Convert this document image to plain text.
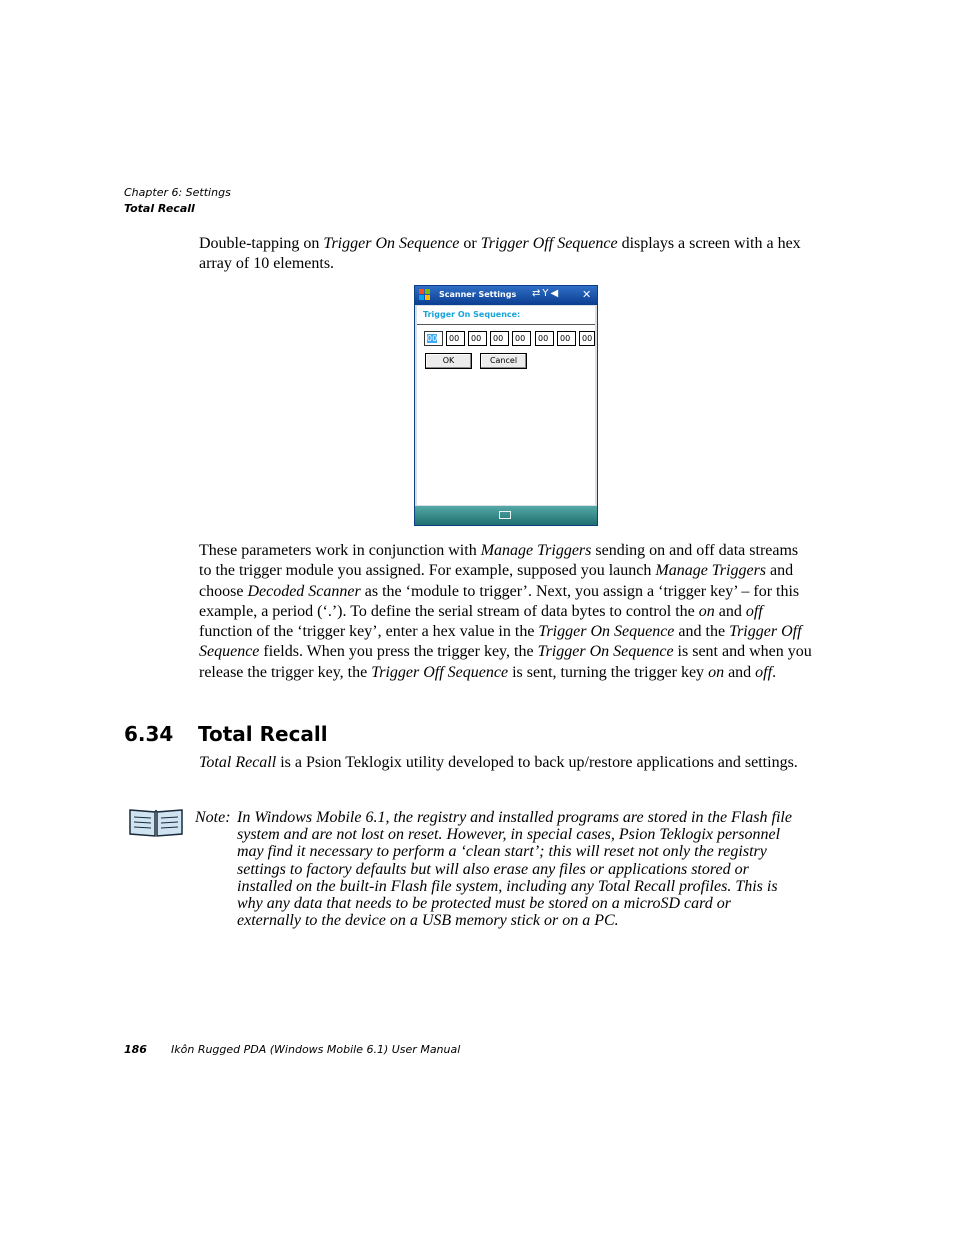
Chapter 6: Settings
Total Recall
Double-tapping on Trigger On Sequence or Trigger Off Sequence displays a screen with a hex array of 10 elements.
Scanner Settings ⇄Y◀ ✕
Trigger On Sequence:
00	00	00	00	00	00	00	00
OK	Cancel
These parameters work in conjunction with Manage Triggers sending on and off data streams to the trigger module you assigned. For example, supposed you launch Manage Triggers and choose Decoded Scanner as the ‘module to trigger’. Next, you assign a ‘trigger key’ – for this example, a period (‘.’). To define the serial stream of data bytes to control the on and off function of the ‘trigger key’, enter a hex value in the Trigger On Sequence and the Trigger Off Sequence fields. When you press the trigger key, the Trigger On Sequence is sent and when you release the trigger key, the Trigger Off Sequence is sent, turning the trigger key on and off.
6.34 Total Recall
Total Recall is a Psion Teklogix utility developed to back up/restore applications and settings.
Note: In Windows Mobile 6.1, the registry and installed programs are stored in the Flash file system and are not lost on reset. However, in special cases, Psion Teklogix personnel may find it necessary to perform a ‘clean start’; this will reset not only the registry settings to factory defaults but will also erase any files or applications stored or installed on the built-in Flash file system, including any Total Recall profiles. This is why any data that needs to be protected must be stored on a microSD card or externally to the device on a USB memory stick or on a PC.
186 Ikôn Rugged PDA (Windows Mobile 6.1) User Manual
